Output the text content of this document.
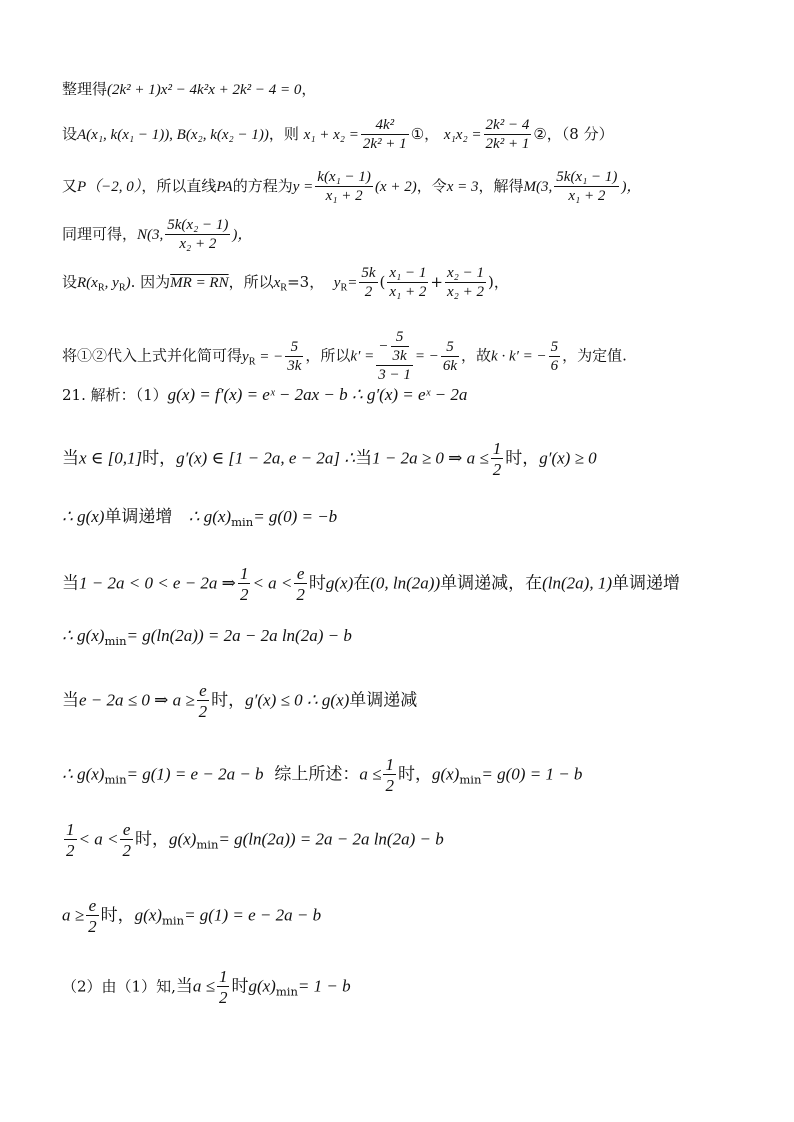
整理得(2k² + 1)x² − 4k²x + 2k² − 4 = 0，
设A(x₁, k(x₁ − 1)), B(x₂, k(x₂ − 1))，则 $x_1 + x_2 = \frac{\text{4k²}}{\text{2k² + 1}}$ ①， $x_1x_2 = \frac{\text{2k² − 4}}{\text{2k² + 1}}$ ②，（8 分）
又P（−2, 0），所以直线PA的方程为$y = \frac{\text{k(x₁ − 1)}}{\text{x₁ + 2}} (x + 2)$，令x = 3，解得M(3, $\frac{\text{5k(x₁ − 1)}}{\text{x₁ + 2}}$ )，
同理可得，N(3, $\frac{\text{5k(x₂ − 1)}}{\text{x₂ + 2}}$ )，
设$R(x_R$, $y_R$). 因为MR = RN，所以$x_R=3$， $y_R= \frac{5k}{2}$ ( $\frac{\text{x₁ − 1}}{\text{x₁ + 2}} + \frac{\text{x₂ − 1}}{\text{x₂ + 2}}$ )，
将①②代入上式并化简可得$y_R$ = − $\frac{5}{3k}$ ，所以$k' = \frac{- \frac{5}{3k}}{3 - 1}$ = − $\frac{5}{6k}$ ，故k · k′ = − $\frac{5}{6}$ ，为定值.
21. 解析：（1）g(x) = f′(x) = eˣ − 2ax − b ∴ g′(x) = eˣ − 2a
当x ∈ [0,1]时，g′(x) ∈ [1 − 2a, e − 2a] ∴当1 − 2a ≥ 0 ⇒ $a \le \frac{1}{2}$ 时，g′(x) ≥ 0
∴ g(x)单调递增 ∴ $g(x)_{min}= g(0) = -b$
当1 − 2a < 0 < e − 2a ⇒ $\frac{1}{2} < a < \frac{e}{2}$ 时g(x)在(0, ln(2a))单调递减，在(ln(2a), 1)单调递增
∴ $g(x)_{min}= g(\ln(2a)) = 2a - 2a$ ln(2a) − b
当e − 2a ≤ 0 ⇒ $a \ge \frac{e}{2}$ 时，g′(x) ≤ 0 ∴ g(x)单调递减
∴ $g(x)_{min}= g(1) = e - 2a - b$ 综上所述：$a \le \frac{1}{2}$ 时，$g(x)_{min}= g(0) = 1 - b$
$\frac{1}{2} < a < \frac{e}{2}$ 时，$g(x)_{min}= g(\ln(2a)) = 2a - 2a$ ln(2a) − b
$a \ge \frac{e}{2}$ 时，$g(x)_{min}= g(1) = e - 2a - b$
（2）由（1）知,当$a \le \frac{1}{2}$ 时$g(x)_{min}= 1 - b$
